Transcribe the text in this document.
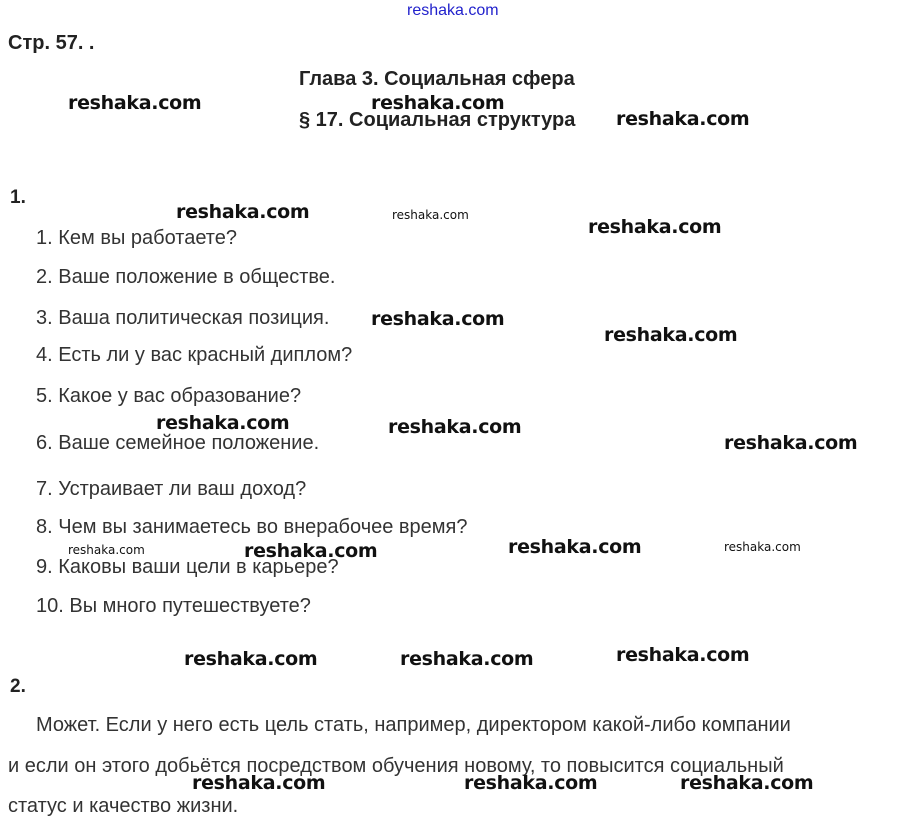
reshaka.com
Стр. 57. .
Глава 3. Социальная сфера
§ 17. Социальная структура
1.
1. Кем вы работаете?
2. Ваше положение в обществе.
3. Ваша политическая позиция.
4. Есть ли у вас красный диплом?
5. Какое у вас образование?
6. Ваше семейное положение.
7. Устраивает ли ваш доход?
8. Чем вы занимаетесь во внерабочее время?
9. Каковы ваши цели в карьере?
10. Вы много путешествуете?
2.
Может. Если у него есть цель стать, например, директором какой-либо компании
и если он этого добьётся посредством обучения новому, то повысится социальный
статус и качество жизни.
reshaka.com	reshaka.com
reshaka.com
reshaka.com	reshaka.com
reshaka.com
reshaka.com
reshaka.com
reshaka.com	reshaka.com
reshaka.com
reshaka.com	reshaka.com	reshaka.com	reshaka.com
reshaka.com	reshaka.com	reshaka.com
reshaka.com	reshaka.com	reshaka.com
